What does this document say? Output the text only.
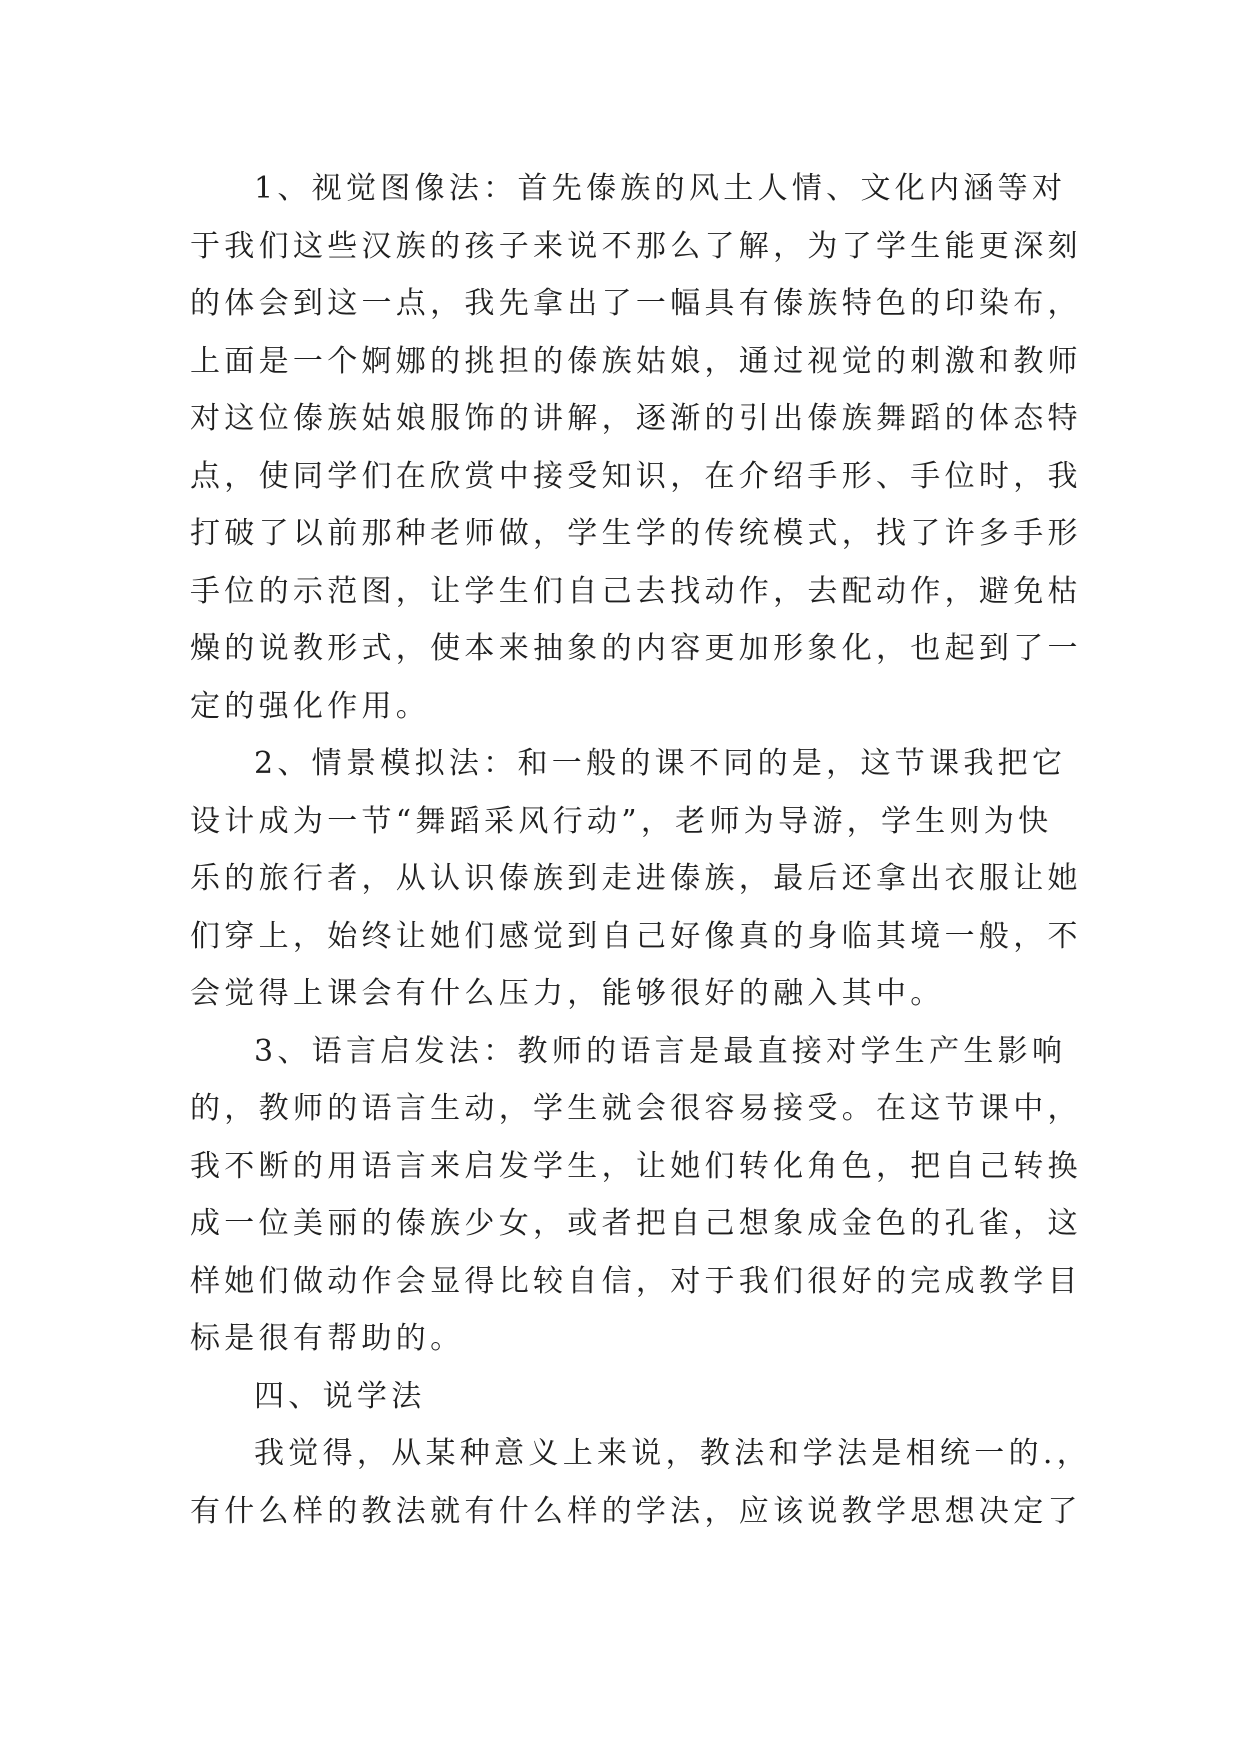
1、视觉图像法：首先傣族的风土人情、文化内涵等对
于我们这些汉族的孩子来说不那么了解，为了学生能更深刻
的体会到这一点，我先拿出了一幅具有傣族特色的印染布，
上面是一个婀娜的挑担的傣族姑娘，通过视觉的刺激和教师
对这位傣族姑娘服饰的讲解，逐渐的引出傣族舞蹈的体态特
点，使同学们在欣赏中接受知识，在介绍手形、手位时，我
打破了以前那种老师做，学生学的传统模式，找了许多手形
手位的示范图，让学生们自己去找动作，去配动作，避免枯
燥的说教形式，使本来抽象的内容更加形象化，也起到了一
定的强化作用。
2、情景模拟法：和一般的课不同的是，这节课我把它
设计成为一节“舞蹈采风行动”，老师为导游，学生则为快
乐的旅行者，从认识傣族到走进傣族，最后还拿出衣服让她
们穿上，始终让她们感觉到自己好像真的身临其境一般，不
会觉得上课会有什么压力，能够很好的融入其中。
3、语言启发法：教师的语言是最直接对学生产生影响
的，教师的语言生动，学生就会很容易接受。在这节课中，
我不断的用语言来启发学生，让她们转化角色，把自己转换
成一位美丽的傣族少女，或者把自己想象成金色的孔雀，这
样她们做动作会显得比较自信，对于我们很好的完成教学目
标是很有帮助的。
四、说学法
我觉得，从某种意义上来说，教法和学法是相统一的.，
有什么样的教法就有什么样的学法，应该说教学思想决定了
